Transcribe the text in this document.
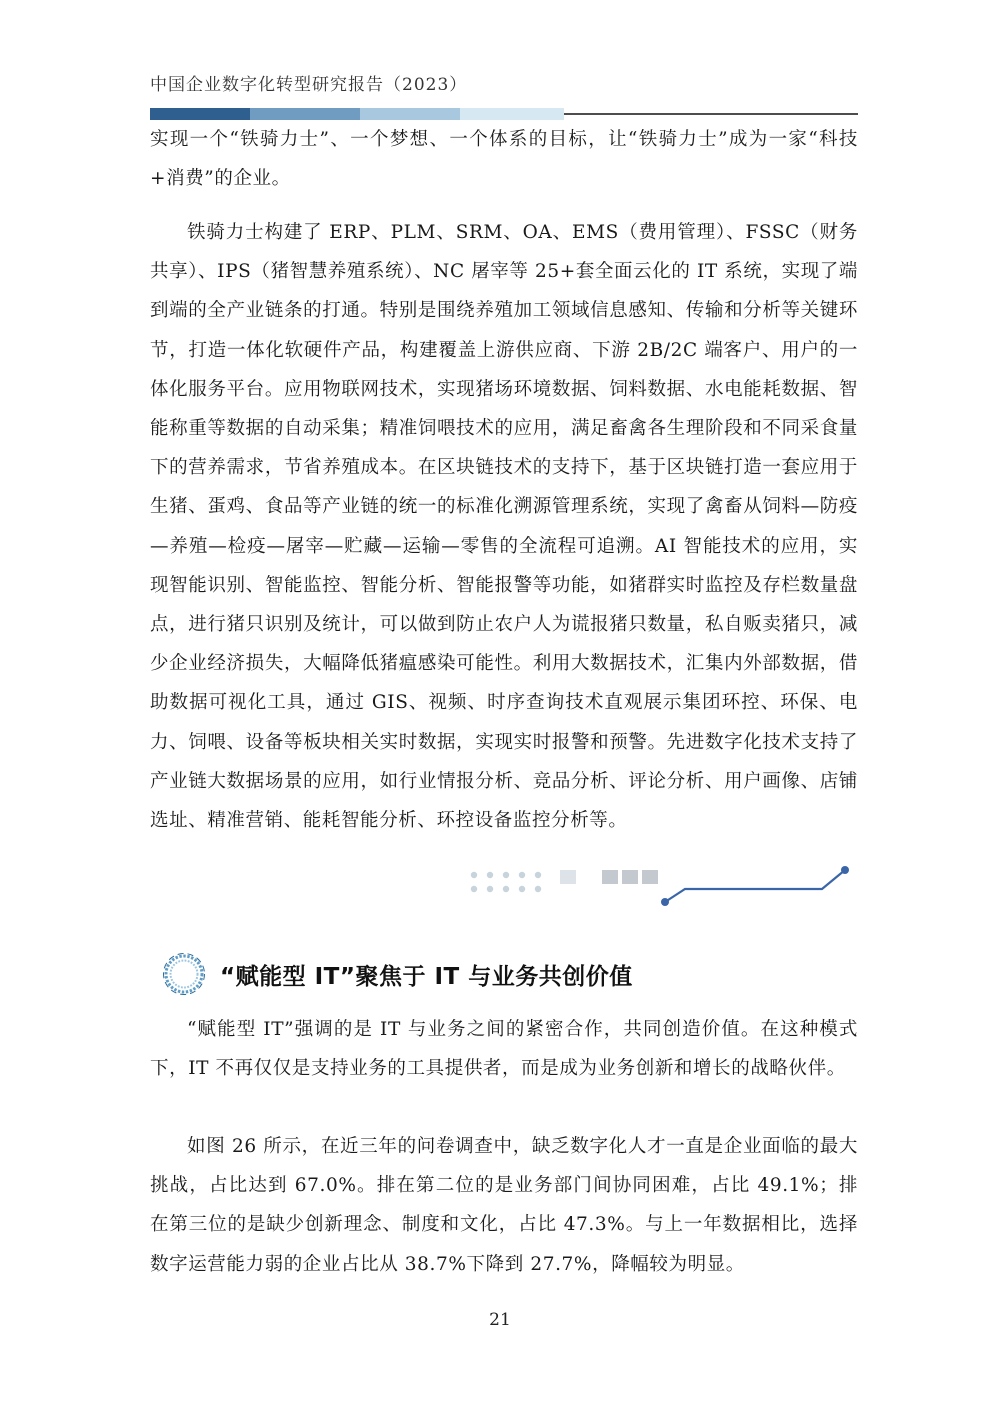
中国企业数字化转型研究报告（2023）

实现一个“铁骑力士”、一个梦想、一个体系的目标，让“铁骑力士”成为一家“科技+消费”的企业。

铁骑力士构建了 ERP、PLM、SRM、OA、EMS（费用管理）、FSSC（财务共享）、IPS（猪智慧养殖系统）、NC 屠宰等 25+套全面云化的 IT 系统，实现了端到端的全产业链条的打通。特别是围绕养殖加工领域信息感知、传输和分析等关键环节，打造一体化软硬件产品，构建覆盖上游供应商、下游 2B/2C 端客户、用户的一体化服务平台。应用物联网技术，实现猪场环境数据、饲料数据、水电能耗数据、智能称重等数据的自动采集；精准饲喂技术的应用，满足畜禽各生理阶段和不同采食量下的营养需求，节省养殖成本。在区块链技术的支持下，基于区块链打造一套应用于生猪、蛋鸡、食品等产业链的统一的标准化溯源管理系统，实现了禽畜从饲料—防疫—养殖—检疫—屠宰—贮藏—运输—零售的全流程可追溯。AI 智能技术的应用，实现智能识别、智能监控、智能分析、智能报警等功能，如猪群实时监控及存栏数量盘点，进行猪只识别及统计，可以做到防止农户人为谎报猪只数量，私自贩卖猪只，减少企业经济损失，大幅降低猪瘟感染可能性。利用大数据技术，汇集内外部数据，借助数据可视化工具，通过 GIS、视频、时序查询技术直观展示集团环控、环保、电力、饲喂、设备等板块相关实时数据，实现实时报警和预警。先进数字化技术支持了产业链大数据场景的应用，如行业情报分析、竞品分析、评论分析、用户画像、店铺选址、精准营销、能耗智能分析、环控设备监控分析等。

“赋能型 IT”聚焦于 IT 与业务共创价值

“赋能型 IT”强调的是 IT 与业务之间的紧密合作，共同创造价值。在这种模式下，IT 不再仅仅是支持业务的工具提供者，而是成为业务创新和增长的战略伙伴。

如图 26 所示，在近三年的问卷调查中，缺乏数字化人才一直是企业面临的最大挑战，占比达到 67.0%。排在第二位的是业务部门间协同困难，占比 49.1%；排在第三位的是缺少创新理念、制度和文化，占比 47.3%。与上一年数据相比，选择数字运营能力弱的企业占比从 38.7%下降到 27.7%，降幅较为明显。

21
